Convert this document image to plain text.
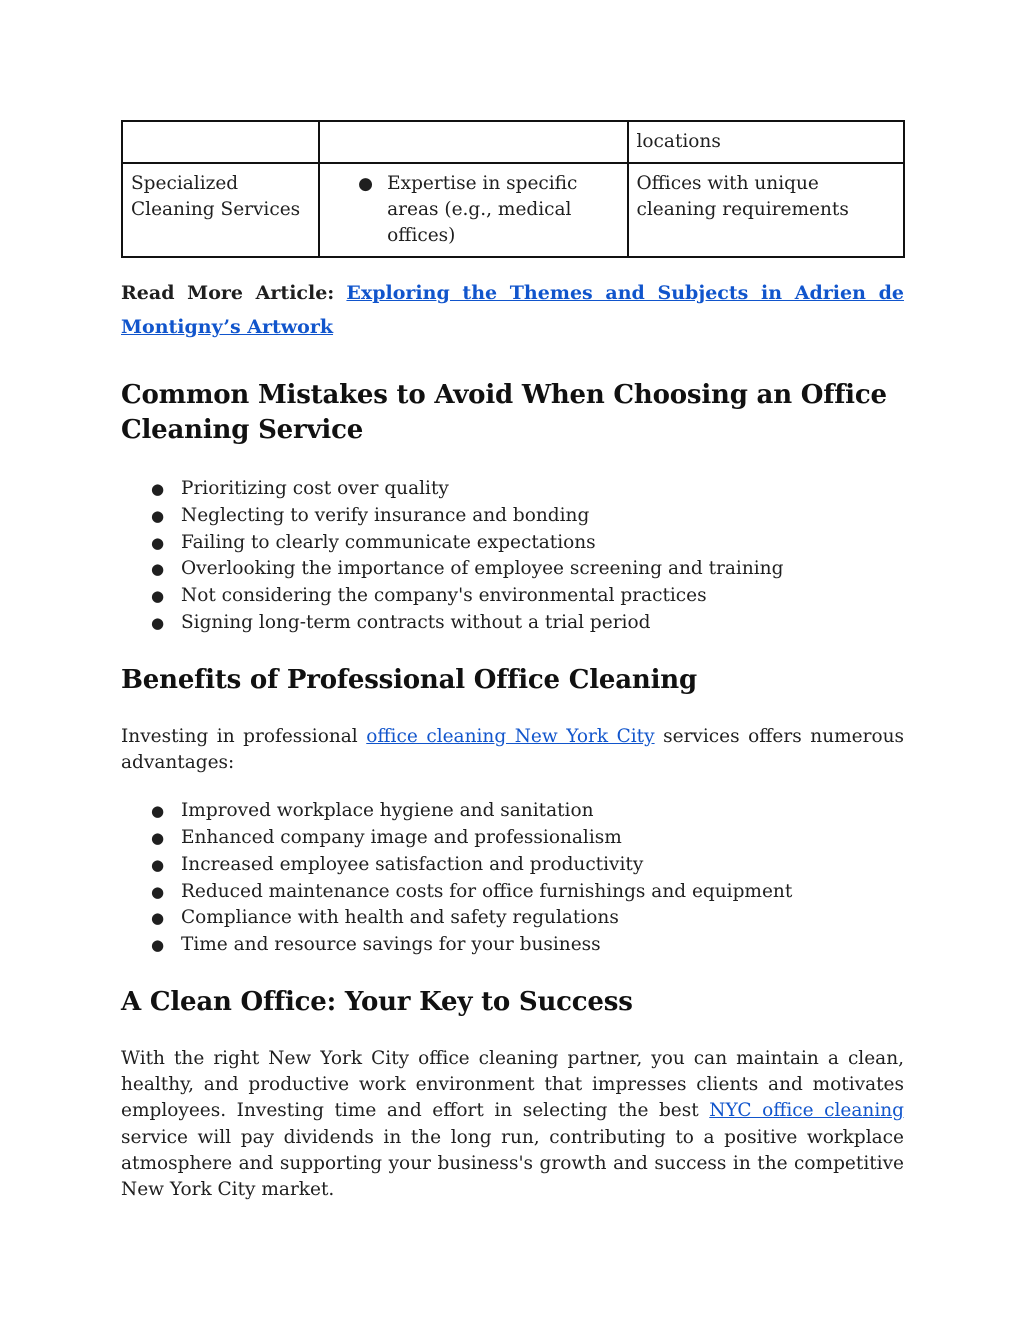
		locations
Specialized Cleaning Services	● Expertise in specific areas (e.g., medical offices)	Offices with unique cleaning requirements
Read More Article: Exploring the Themes and Subjects in Adrien de Montigny’s Artwork
Common Mistakes to Avoid When Choosing an Office Cleaning Service
● Prioritizing cost over quality
● Neglecting to verify insurance and bonding
● Failing to clearly communicate expectations
● Overlooking the importance of employee screening and training
● Not considering the company's environmental practices
● Signing long-term contracts without a trial period
Benefits of Professional Office Cleaning

Investing in professional office cleaning New York City services offers numerous advantages:

● Improved workplace hygiene and sanitation
● Enhanced company image and professionalism
● Increased employee satisfaction and productivity
● Reduced maintenance costs for office furnishings and equipment
● Compliance with health and safety regulations
● Time and resource savings for your business
A Clean Office: Your Key to Success

With the right New York City office cleaning partner, you can maintain a clean, healthy, and productive work environment that impresses clients and motivates employees. Investing time and effort in selecting the best NYC office cleaning service will pay dividends in the long run, contributing to a positive workplace atmosphere and supporting your business's growth and success in the competitive New York City market.
